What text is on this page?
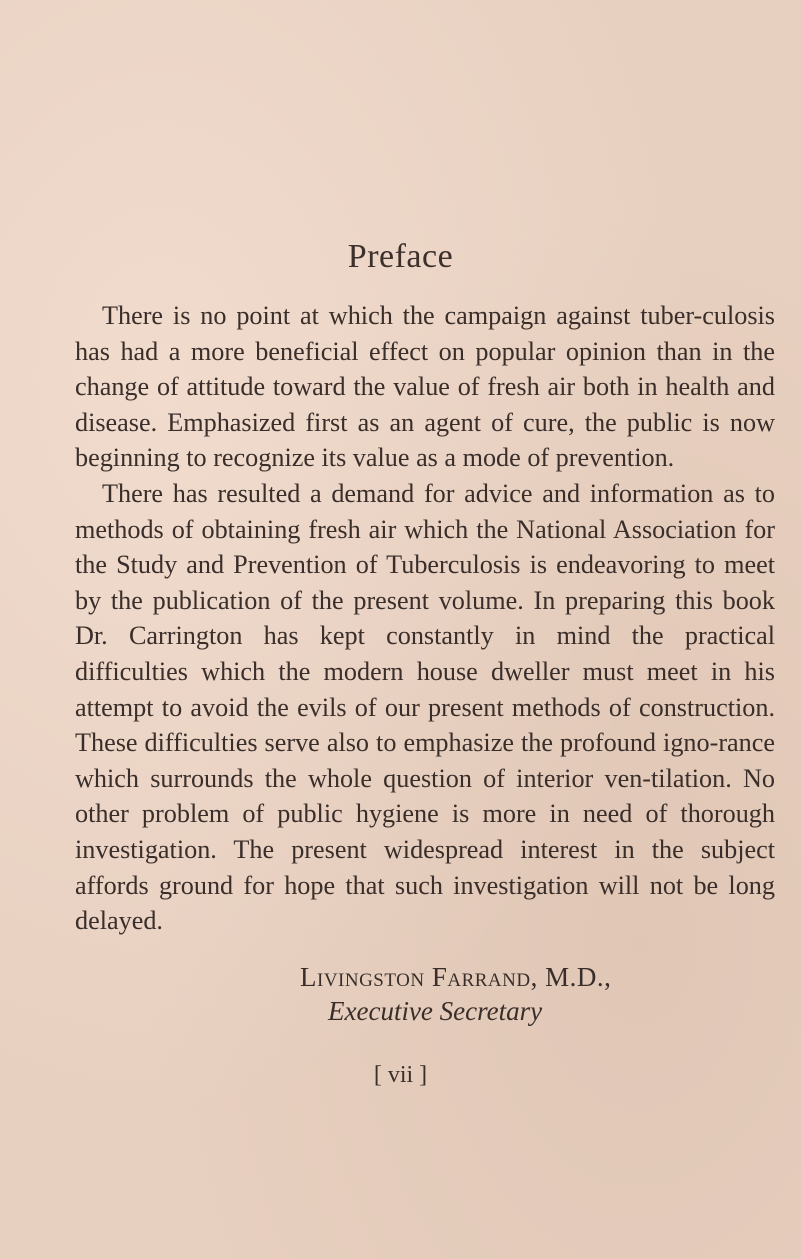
Preface

There is no point at which the campaign against tuber-culosis has had a more beneficial effect on popular opinion than in the change of attitude toward the value of fresh air both in health and disease. Emphasized first as an agent of cure, the public is now beginning to recognize its value as a mode of prevention.

There has resulted a demand for advice and information as to methods of obtaining fresh air which the National Association for the Study and Prevention of Tuberculosis is endeavoring to meet by the publication of the present volume. In preparing this book Dr. Carrington has kept constantly in mind the practical difficulties which the modern house dweller must meet in his attempt to avoid the evils of our present methods of construction. These difficulties serve also to emphasize the profound igno-rance which surrounds the whole question of interior ven-tilation. No other problem of public hygiene is more in need of thorough investigation. The present widespread interest in the subject affords ground for hope that such investigation will not be long delayed.

Livingston Farrand, M.D.,
Executive Secretary
[ vii ]
